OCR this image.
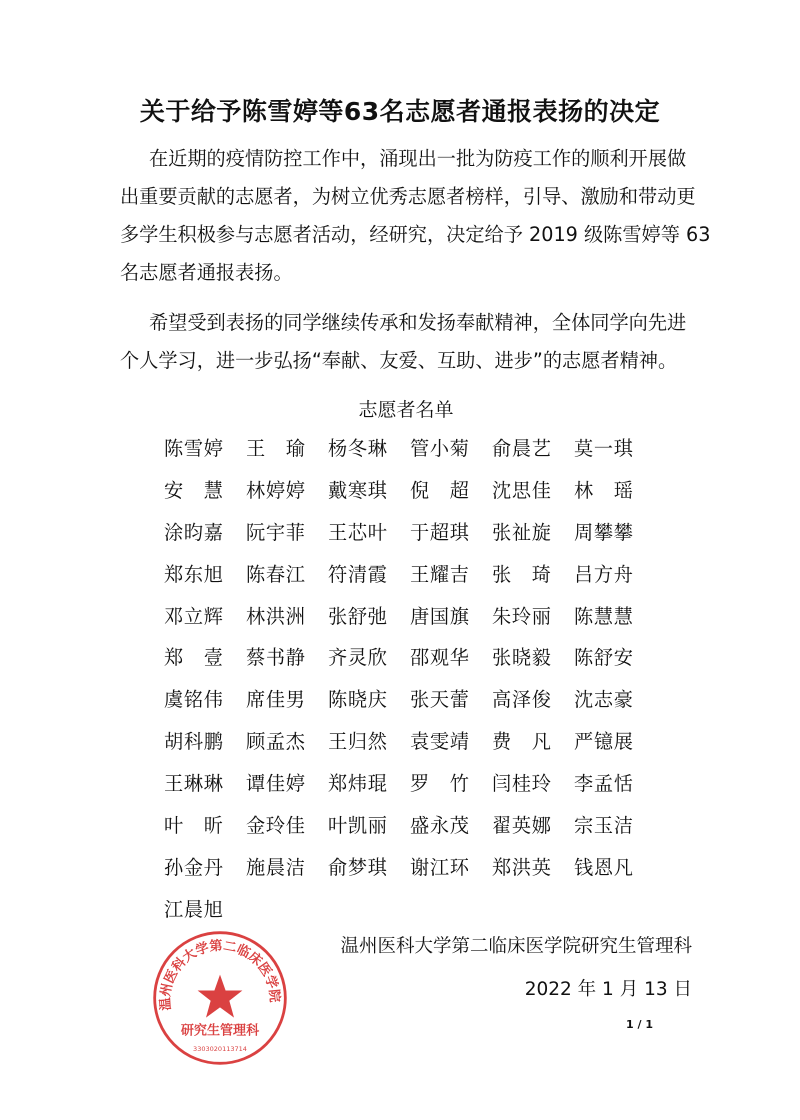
关于给予陈雪婷等63名志愿者通报表扬的决定
在近期的疫情防控工作中，涌现出一批为防疫工作的顺利开展做
出重要贡献的志愿者，为树立优秀志愿者榜样，引导、激励和带动更
多学生积极参与志愿者活动，经研究，决定给予 2019 级陈雪婷等 63
名志愿者通报表扬。
希望受到表扬的同学继续传承和发扬奉献精神，全体同学向先进
个人学习，进一步弘扬“奉献、友爱、互助、进步”的志愿者精神。
志愿者名单
陈雪婷 王 瑜 杨冬琳 管小菊 俞晨艺 莫一琪
安 慧 林婷婷 戴寒琪 倪 超 沈思佳 林 瑶
涂昀嘉 阮宇菲 王芯叶 于超琪 张祉旋 周攀攀
郑东旭 陈春江 符清霞 王耀吉 张 琦 吕方舟
邓立辉 林洪洲 张舒弛 唐国旗 朱玲丽 陈慧慧
郑 壹 蔡书静 齐灵欣 邵观华 张晓毅 陈舒安
虞铭伟 席佳男 陈晓庆 张天蕾 高泽俊 沈志豪
胡科鹏 顾孟杰 王归然 袁雯靖 费 凡 严镱展
王琳琳 谭佳婷 郑炜琨 罗 竹 闫桂玲 李孟恬
叶 昕 金玲佳 叶凯丽 盛永茂 翟英娜 宗玉洁
孙金丹 施晨洁 俞梦琪 谢江环 郑洪英 钱恩凡
江晨旭
温州医科大学第二临床医学院研究生管理科
2022 年 1 月 13 日
温州医科大学第二临床医学院
研究生管理科
3303020113714
1 / 1
